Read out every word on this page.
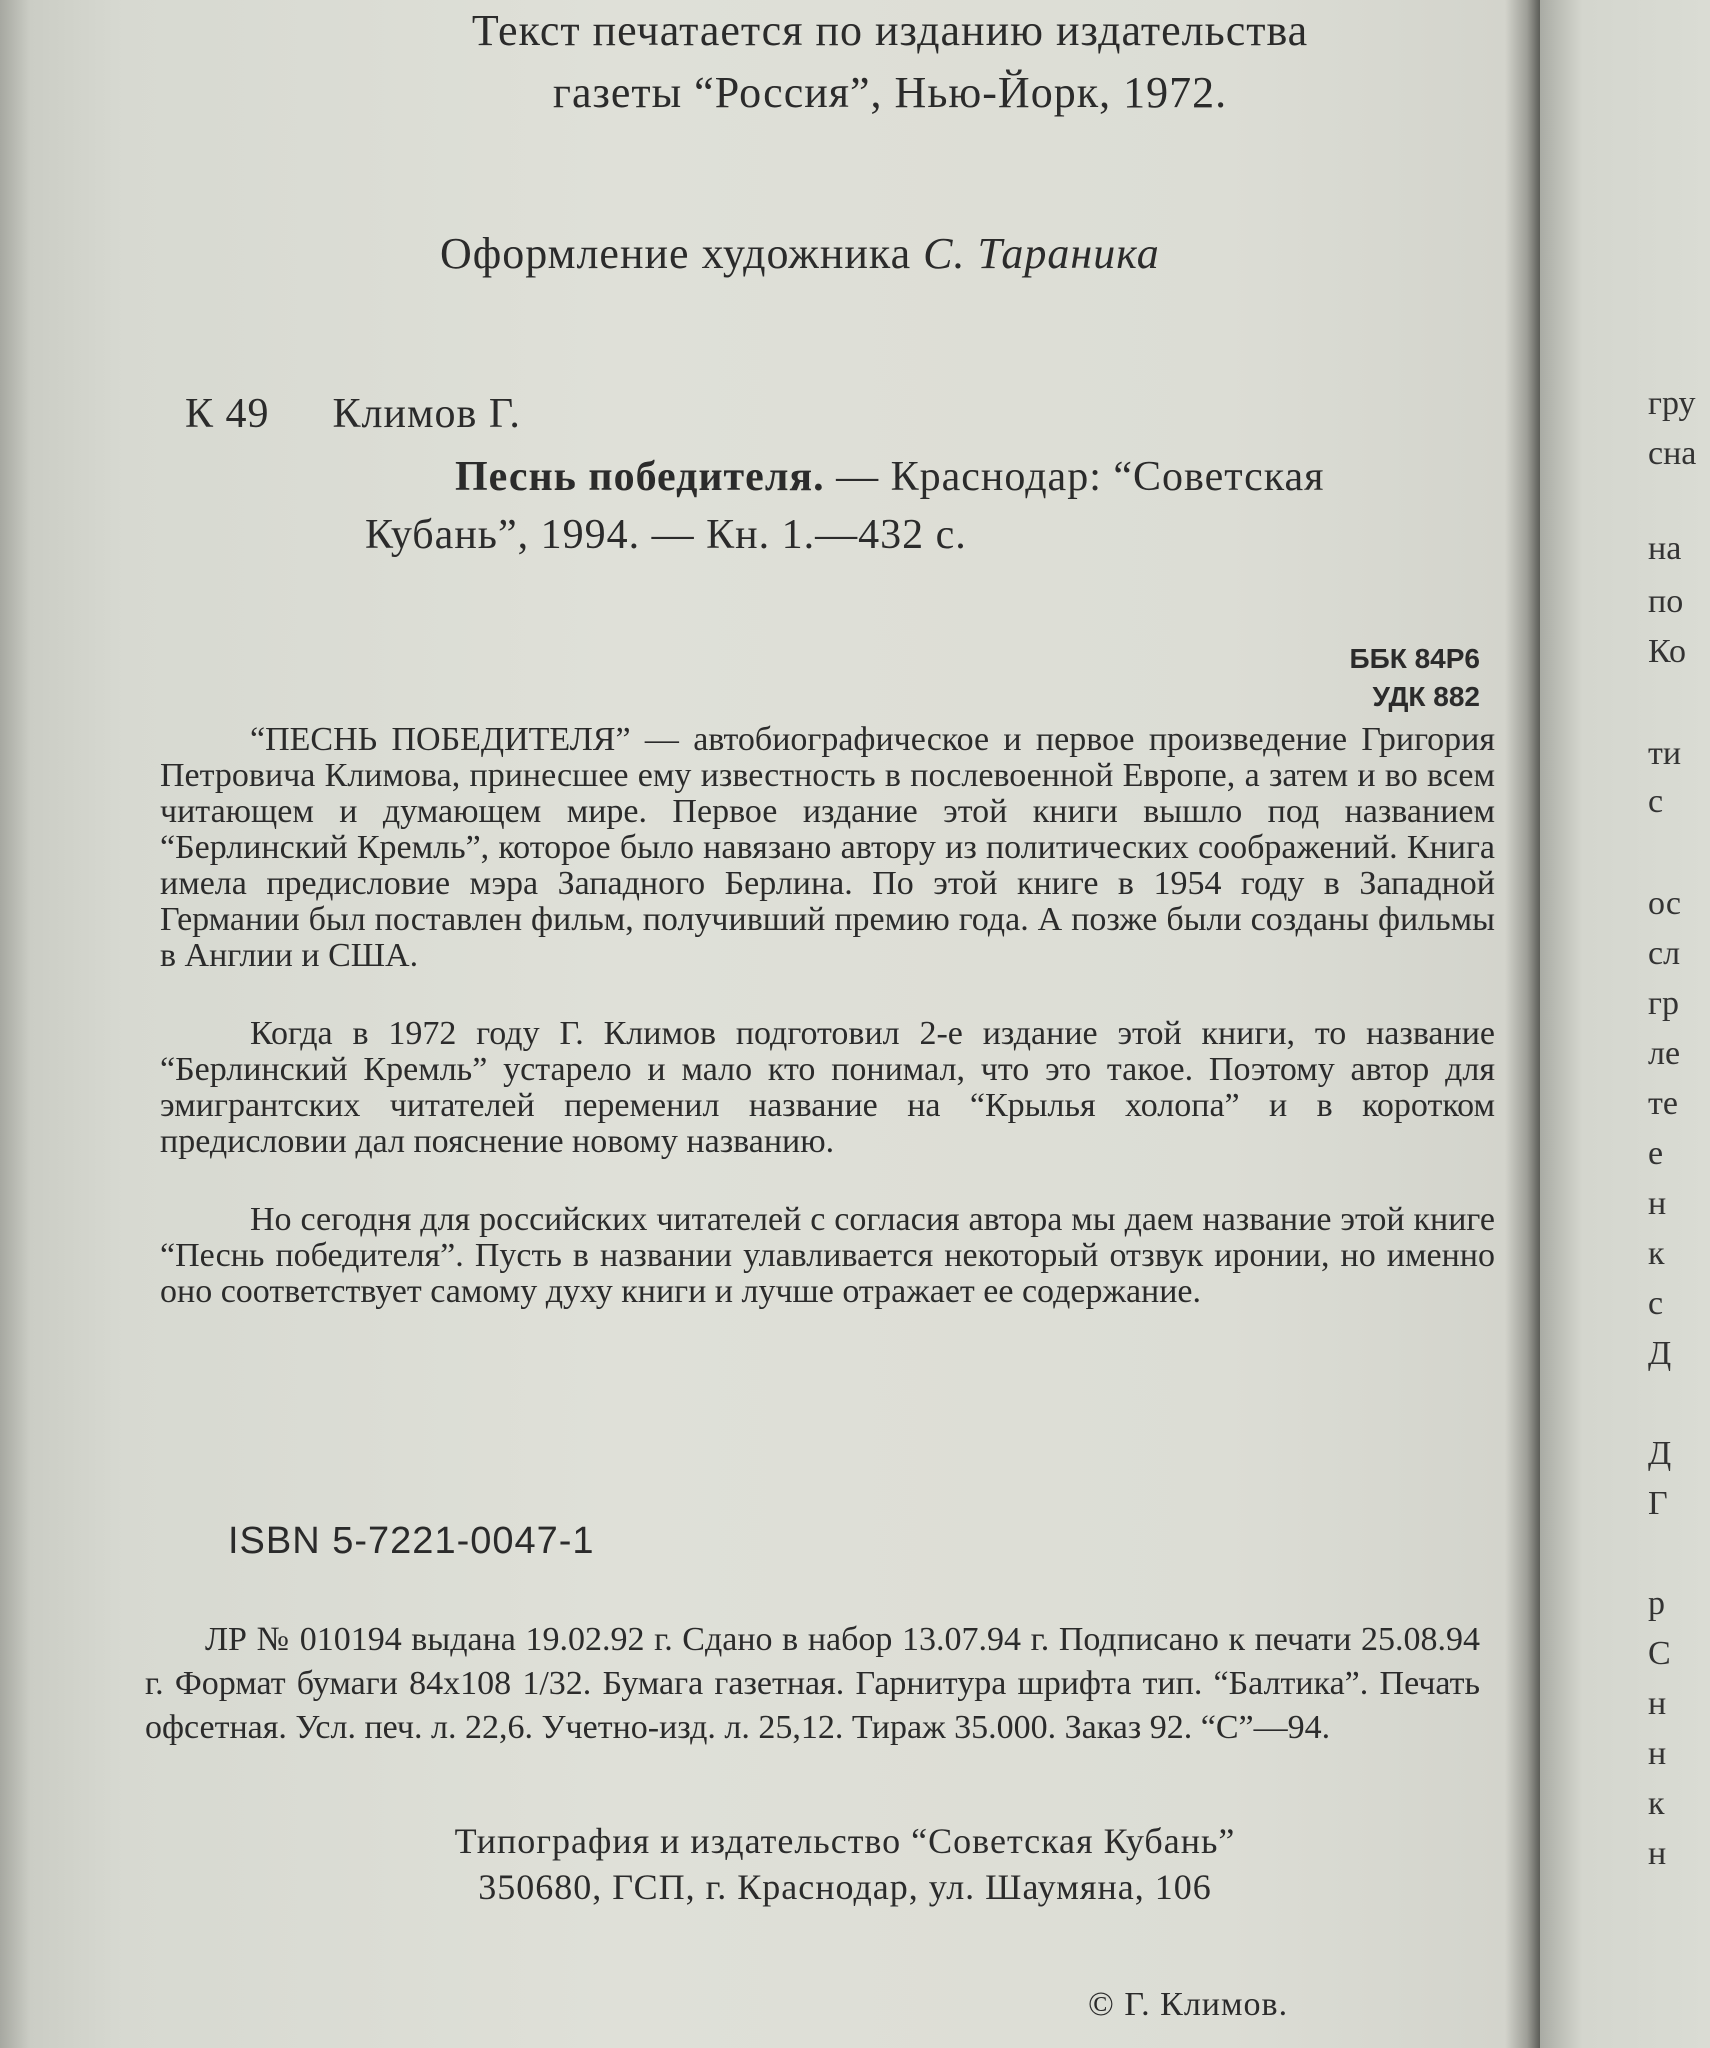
Текст печатается по изданию издательства
газеты “Россия”, Нью-Йорк, 1972.
Оформление художника С. Тараника
К 49 Климов Г.
Песнь победителя. — Краснодар: “Советская
Кубань”, 1994. — Кн. 1.—432 с.
ББК 84Р6
УДК 882

“ПЕСНЬ ПОБЕДИТЕЛЯ” — автобиографическое и первое произведение Григория Петровича Климова, принесшее ему известность в послевоенной Европе, а затем и во всем читающем и думающем мире. Первое издание этой книги вышло под названием “Берлинский Кремль”, которое было навязано автору из политических соображений. Книга имела предисловие мэра Западного Берлина. По этой книге в 1954 году в Западной Германии был поставлен фильм, получивший премию года. А позже были созданы фильмы в Англии и США.

Когда в 1972 году Г. Климов подготовил 2-е издание этой книги, то название “Берлинский Кремль” устарело и мало кто понимал, что это такое. Поэтому автор для эмигрантских читателей переменил название на “Крылья холопа” и в коротком предисловии дал пояснение новому названию.

Но сегодня для российских читателей с согласия автора мы даем название этой книге “Песнь победителя”. Пусть в названии улавливается некоторый отзвук иронии, но именно оно соответствует самому духу книги и лучше отражает ее содержание.

ISBN 5-7221-0047-1
ЛР № 010194 выдана 19.02.92 г. Сдано в набор 13.07.94 г. Подписано к печати 25.08.94 г. Формат бумаги 84х108 1/32. Бумага газетная. Гарнитура шрифта тип. “Балтика”. Печать офсетная. Усл. печ. л. 22,6. Учетно-изд. л. 25,12. Тираж 35.000. Заказ 92. “С”—94.
Типография и издательство “Советская Кубань”
350680, ГСП, г. Краснодар, ул. Шаумяна, 106
© Г. Климов.
гру
сна
на
по
Ко
ти
с
ос
сл
гр
ле
те
е
н
к
с
Д
Д
Г
р
С
н
н
к
н
